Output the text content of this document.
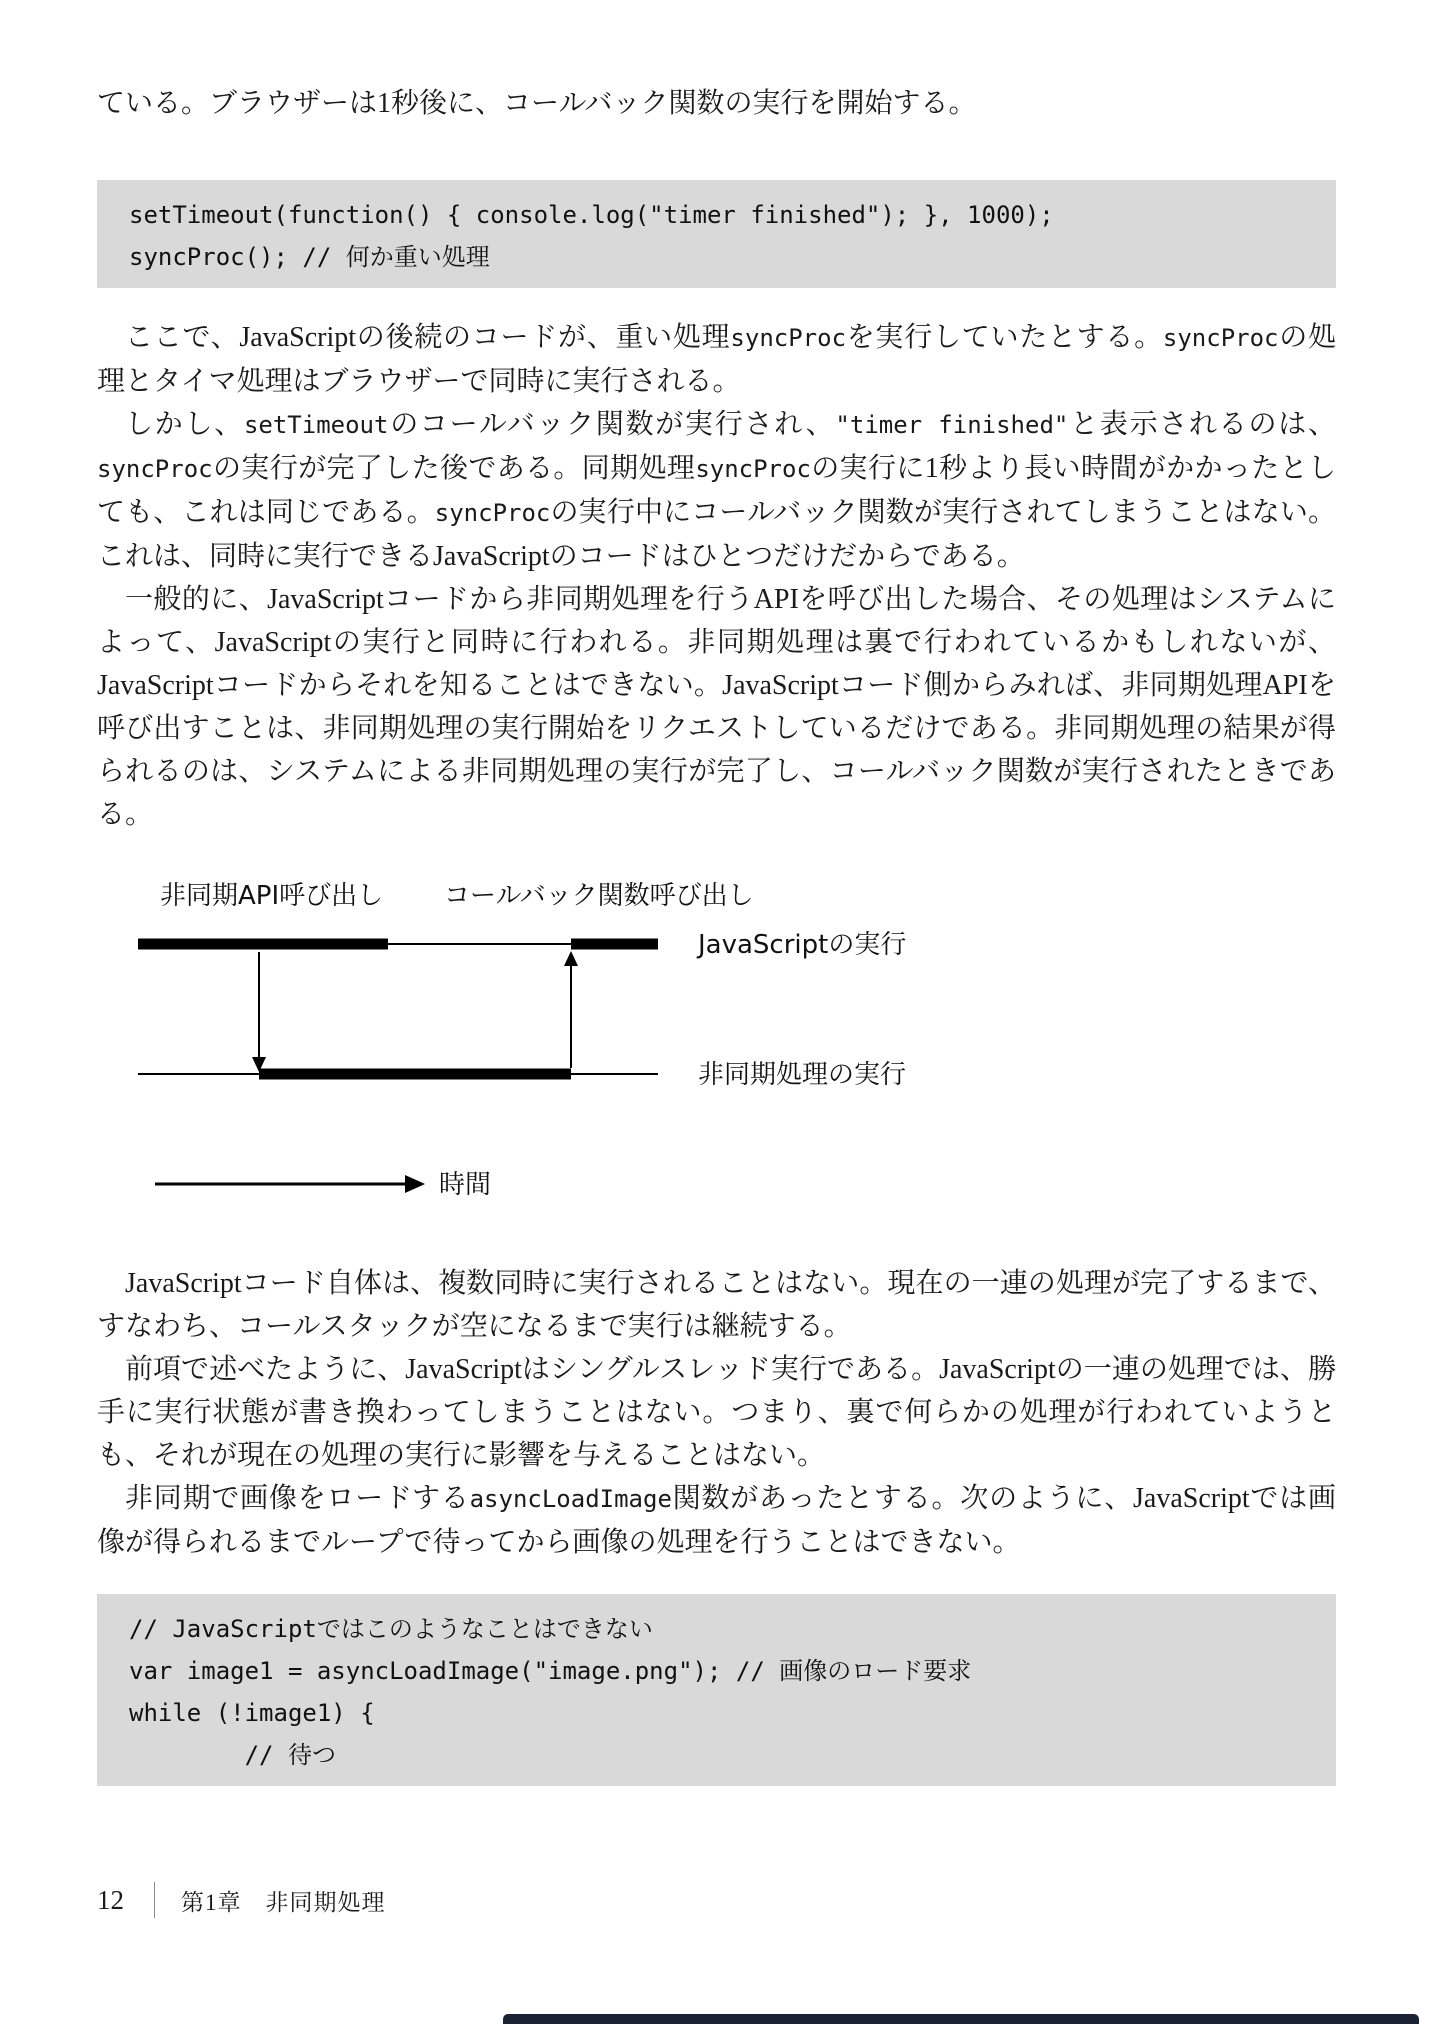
ている。ブラウザーは1秒後に、コールバック関数の実行を開始する。

setTimeout(function() { console.log("timer finished"); }, 1000);
syncProc(); // 何か重い処理

ここで、JavaScriptの後続のコードが、重い処理syncProcを実行していたとする。syncProcの処理とタイマ処理はブラウザーで同時に実行される。

しかし、setTimeoutのコールバック関数が実行され、"timer finished"と表示されるのは、syncProcの実行が完了した後である。同期処理syncProcの実行に1秒より長い時間がかかったとしても、これは同じである。syncProcの実行中にコールバック関数が実行されてしまうことはない。これは、同時に実行できるJavaScriptのコードはひとつだけだからである。

一般的に、JavaScriptコードから非同期処理を行うAPIを呼び出した場合、その処理はシステムによって、JavaScriptの実行と同時に行われる。非同期処理は裏で行われているかもしれないが、JavaScriptコードからそれを知ることはできない。JavaScriptコード側からみれば、非同期処理APIを呼び出すことは、非同期処理の実行開始をリクエストしているだけである。非同期処理の結果が得られるのは、システムによる非同期処理の実行が完了し、コールバック関数が実行されたときである。

非同期API呼び出し コールバック関数呼び出し
JavaScriptの実行
非同期処理の実行
時間

JavaScriptコード自体は、複数同時に実行されることはない。現在の一連の処理が完了するまで、すなわち、コールスタックが空になるまで実行は継続する。

前項で述べたように、JavaScriptはシングルスレッド実行である。JavaScriptの一連の処理では、勝手に実行状態が書き換わってしまうことはない。つまり、裏で何らかの処理が行われていようとも、それが現在の処理の実行に影響を与えることはない。

非同期で画像をロードするasyncLoadImage関数があったとする。次のように、JavaScriptでは画像が得られるまでループで待ってから画像の処理を行うことはできない。

// JavaScriptではこのようなことはできない
var image1 = asyncLoadImage("image.png"); // 画像のロード要求
while (!image1) {
// 待つ
12 第1章　非同期処理
